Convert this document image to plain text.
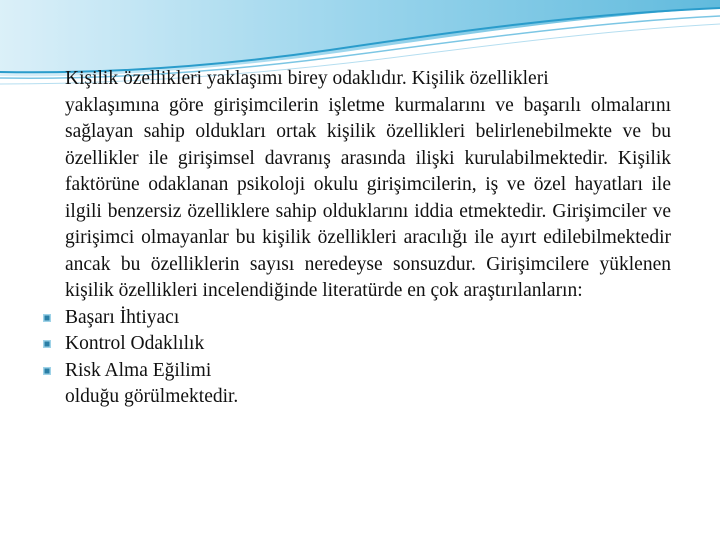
Kişilik özellikleri yaklaşımı birey odaklıdır. Kişilik özellikleri
yaklaşımına göre girişimcilerin işletme kurmalarını ve başarılı olmalarını sağlayan sahip oldukları ortak kişilik özellikleri belirlenebilmekte ve bu özellikler ile girişimsel davranış arasında ilişki kurulabilmektedir. Kişilik faktörüne odaklanan psikoloji okulu girişimcilerin, iş ve özel hayatları ile ilgili benzersiz özelliklere sahip olduklarını iddia etmektedir. Girişimciler ve girişimci olmayanlar bu kişilik özellikleri aracılığı ile ayırt edilebilmektedir ancak bu özelliklerin sayısı neredeyse sonsuzdur. Girişimcilere yüklenen kişilik özellikleri incelendiğinde literatürde en çok araştırılanların:

Başarı İhtiyacı
Kontrol Odaklılık
Risk Alma Eğilimi

olduğu görülmektedir.
